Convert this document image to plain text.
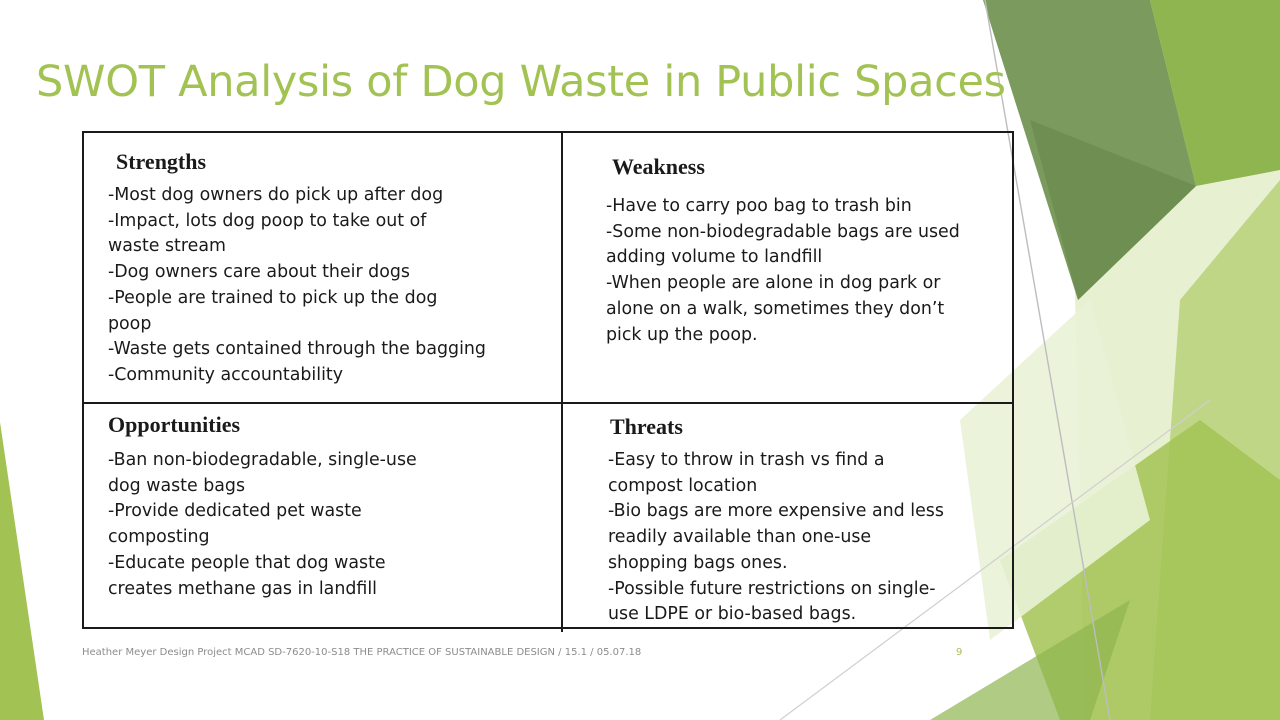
SWOT Analysis of Dog Waste in Public Spaces
Strengths
-Most dog owners do pick up after dog
-Impact, lots dog poop to take out of
waste stream
-Dog owners care about their dogs
-People are trained to pick up the dog
poop
-Waste gets contained through the bagging
-Community accountability
Weakness
-Have to carry poo bag to trash bin
-Some non-biodegradable bags are used
adding volume to landfill
-When people are alone in dog park or
alone on a walk, sometimes they don’t
pick up the poop.
Opportunities
-Ban non-biodegradable, single-use
dog waste bags
-Provide dedicated pet waste
composting
-Educate people that dog waste
creates methane gas in landfill
Threats
-Easy to throw in trash vs find a
compost location
-Bio bags are more expensive and less
readily available than one-use
shopping bags ones.
-Possible future restrictions on single-
use LDPE or bio-based bags.
Heather Meyer Design Project MCAD SD-7620-10-S18 THE PRACTICE OF SUSTAINABLE DESIGN / 15.1 / 05.07.18	9
